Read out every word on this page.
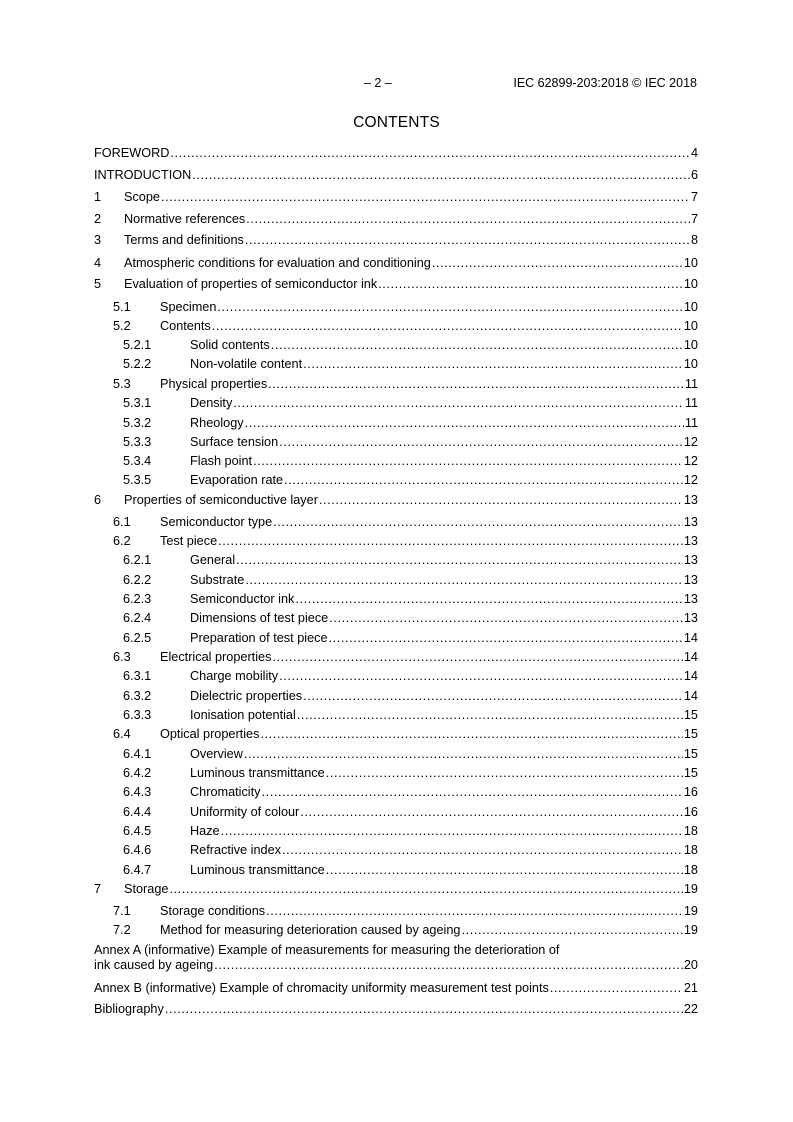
– 2 –	IEC 62899-203:2018 © IEC 2018
CONTENTS
FOREWORD .....	4
INTRODUCTION .....	6
1	Scope .....	7
2	Normative references .....	7
3	Terms and definitions .....	8
4	Atmospheric conditions for evaluation and conditioning .....	10
5	Evaluation of properties of semiconductor ink .....	10
5.1	Specimen .....	10
5.2	Contents .....	10
5.2.1	Solid contents .....	10
5.2.2	Non-volatile content .....	10
5.3	Physical properties .....	11
5.3.1	Density .....	11
5.3.2	Rheology .....	11
5.3.3	Surface tension .....	12
5.3.4	Flash point .....	12
5.3.5	Evaporation rate .....	12
6	Properties of semiconductive layer .....	13
6.1	Semiconductor type .....	13
6.2	Test piece .....	13
6.2.1	General .....	13
6.2.2	Substrate .....	13
6.2.3	Semiconductor ink .....	13
6.2.4	Dimensions of test piece .....	13
6.2.5	Preparation of test piece .....	14
6.3	Electrical properties .....	14
6.3.1	Charge mobility .....	14
6.3.2	Dielectric properties .....	14
6.3.3	Ionisation potential .....	15
6.4	Optical properties .....	15
6.4.1	Overview .....	15
6.4.2	Luminous transmittance .....	15
6.4.3	Chromaticity .....	16
6.4.4	Uniformity of colour .....	16
6.4.5	Haze .....	18
6.4.6	Refractive index .....	18
6.4.7	Luminous transmittance .....	18
7	Storage .....	19
7.1	Storage conditions .....	19
7.2	Method for measuring deterioration caused by ageing .....	19
Annex A (informative) Example of measurements for measuring the deterioration of
ink caused by ageing .....	20
Annex B (informative) Example of chromacity uniformity measurement test points .....	21
Bibliography .....	22
